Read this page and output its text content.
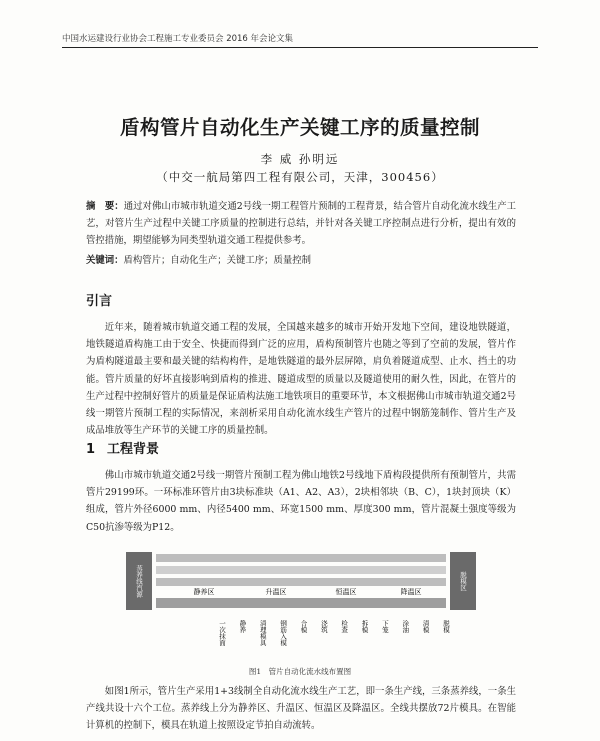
中国水运建设行业协会工程施工专业委员会 2016 年会论文集
盾构管片自动化生产关键工序的质量控制
李 威 孙明远
（中交一航局第四工程有限公司，天津，300456）
摘　要：通过对佛山市城市轨道交通2号线一期工程管片预制的工程背景，结合管片自动化流水线生产工艺，对管片生产过程中关键工序质量的控制进行总结，并针对各关键工序控制点进行分析，提出有效的管控措施，期望能够为同类型轨道交通工程提供参考。
关键词：盾构管片；自动化生产；关键工序；质量控制
引言
近年来，随着城市轨道交通工程的发展，全国越来越多的城市开始开发地下空间，建设地铁隧道，地铁隧道盾构施工由于安全、快捷而得到广泛的应用，盾构预制管片也随之等到了空前的发展，管片作为盾构隧道最主要和最关键的结构构件，是地铁隧道的最外层屏障，肩负着隧道成型、止水、挡土的功能。管片质量的好坏直接影响到盾构的推进、隧道成型的质量以及隧道使用的耐久性，因此，在管片的生产过程中控制好管片的质量是保证盾构法施工地铁项目的重要环节，本文根据佛山市城市轨道交通2号线一期管片预制工程的实际情况，来剖析采用自动化流水线生产管片的过程中钢筋笼制作、管片生产及成品堆放等生产环节的关键工序的质量控制。
1 工程背景
佛山市城市轨道交通2号线一期管片预制工程为佛山地铁2号线地下盾构段提供所有预制管片，共需管片29199环。一环标准环管片由3块标准块（A1、A2、A3），2块相邻块（B、C），1块封顶块（K）组成，管片外径6000 mm、内径5400 mm、环宽1500 mm、厚度300 mm，管片混凝土强度等级为C50抗渗等级为P12。
蒸养线汽源	脱模区
静养区	升温区	恒温区	降温区
一次抹面 静养 清理模具 钢筋入模 合模 浇筑 检查 拆模 下笼 涂油 清模 脱模
图1　管片自动化流水线布置图
如图1所示，管片生产采用1+3线制全自动化流水线生产工艺，即一条生产线，三条蒸养线，一条生产线共设十六个工位。蒸养线上分为静养区、升温区、恒温区及降温区。全线共摆放72片模具。在智能计算机的控制下，模具在轨道上按照设定节拍自动流转。
